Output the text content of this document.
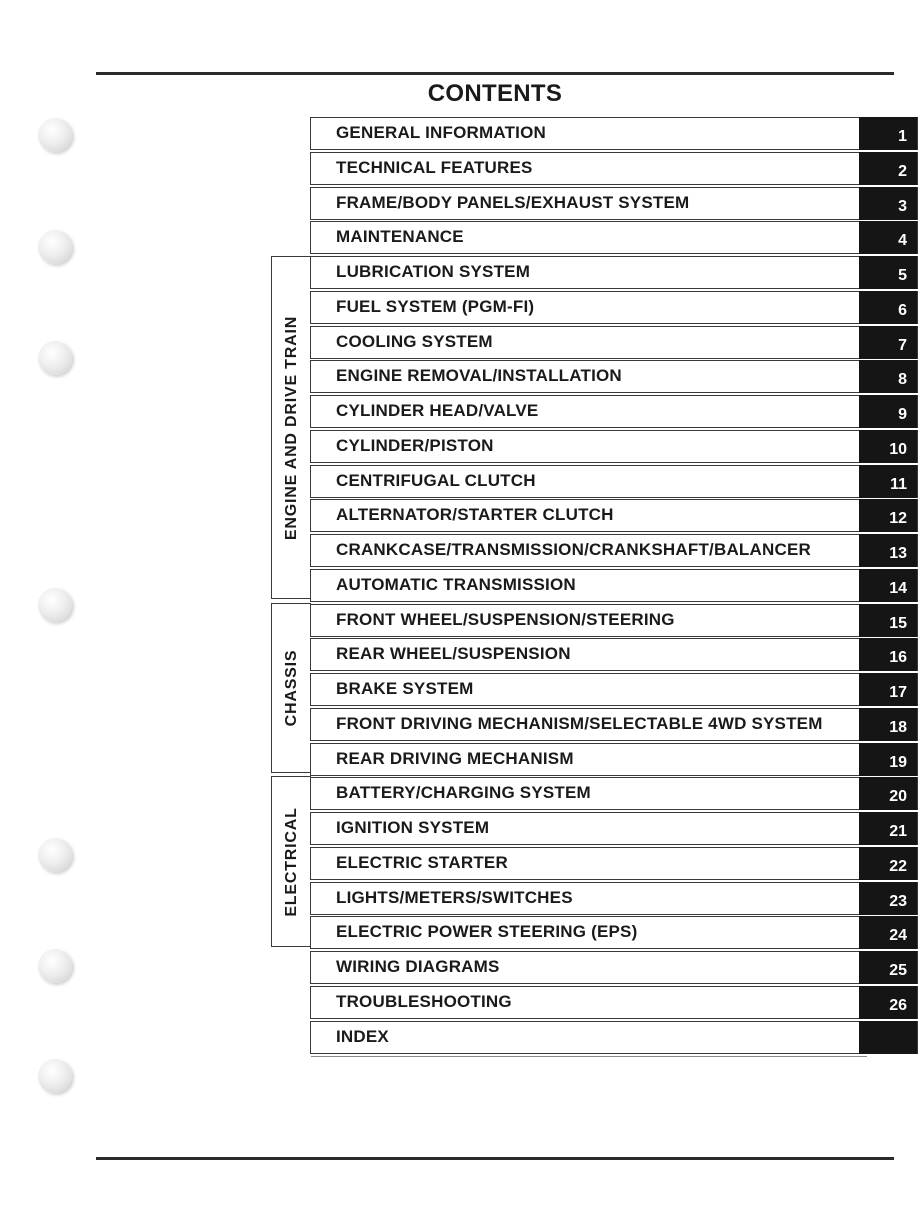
CONTENTS
ENGINE AND DRIVE TRAIN
CHASSIS
ELECTRICAL
GENERAL INFORMATION	1
TECHNICAL FEATURES	2
FRAME/BODY PANELS/EXHAUST SYSTEM	3
MAINTENANCE	4
LUBRICATION SYSTEM	5
FUEL SYSTEM (PGM-FI)	6
COOLING SYSTEM	7
ENGINE REMOVAL/INSTALLATION	8
CYLINDER HEAD/VALVE	9
CYLINDER/PISTON	10
CENTRIFUGAL CLUTCH	11
ALTERNATOR/STARTER CLUTCH	12
CRANKCASE/TRANSMISSION/CRANKSHAFT/BALANCER	13
AUTOMATIC TRANSMISSION	14
FRONT WHEEL/SUSPENSION/STEERING	15
REAR WHEEL/SUSPENSION	16
BRAKE SYSTEM	17
FRONT DRIVING MECHANISM/SELECTABLE 4WD SYSTEM	18
REAR DRIVING MECHANISM	19
BATTERY/CHARGING SYSTEM	20
IGNITION SYSTEM	21
ELECTRIC STARTER	22
LIGHTS/METERS/SWITCHES	23
ELECTRIC POWER STEERING (EPS)	24
WIRING DIAGRAMS	25
TROUBLESHOOTING	26
INDEX
